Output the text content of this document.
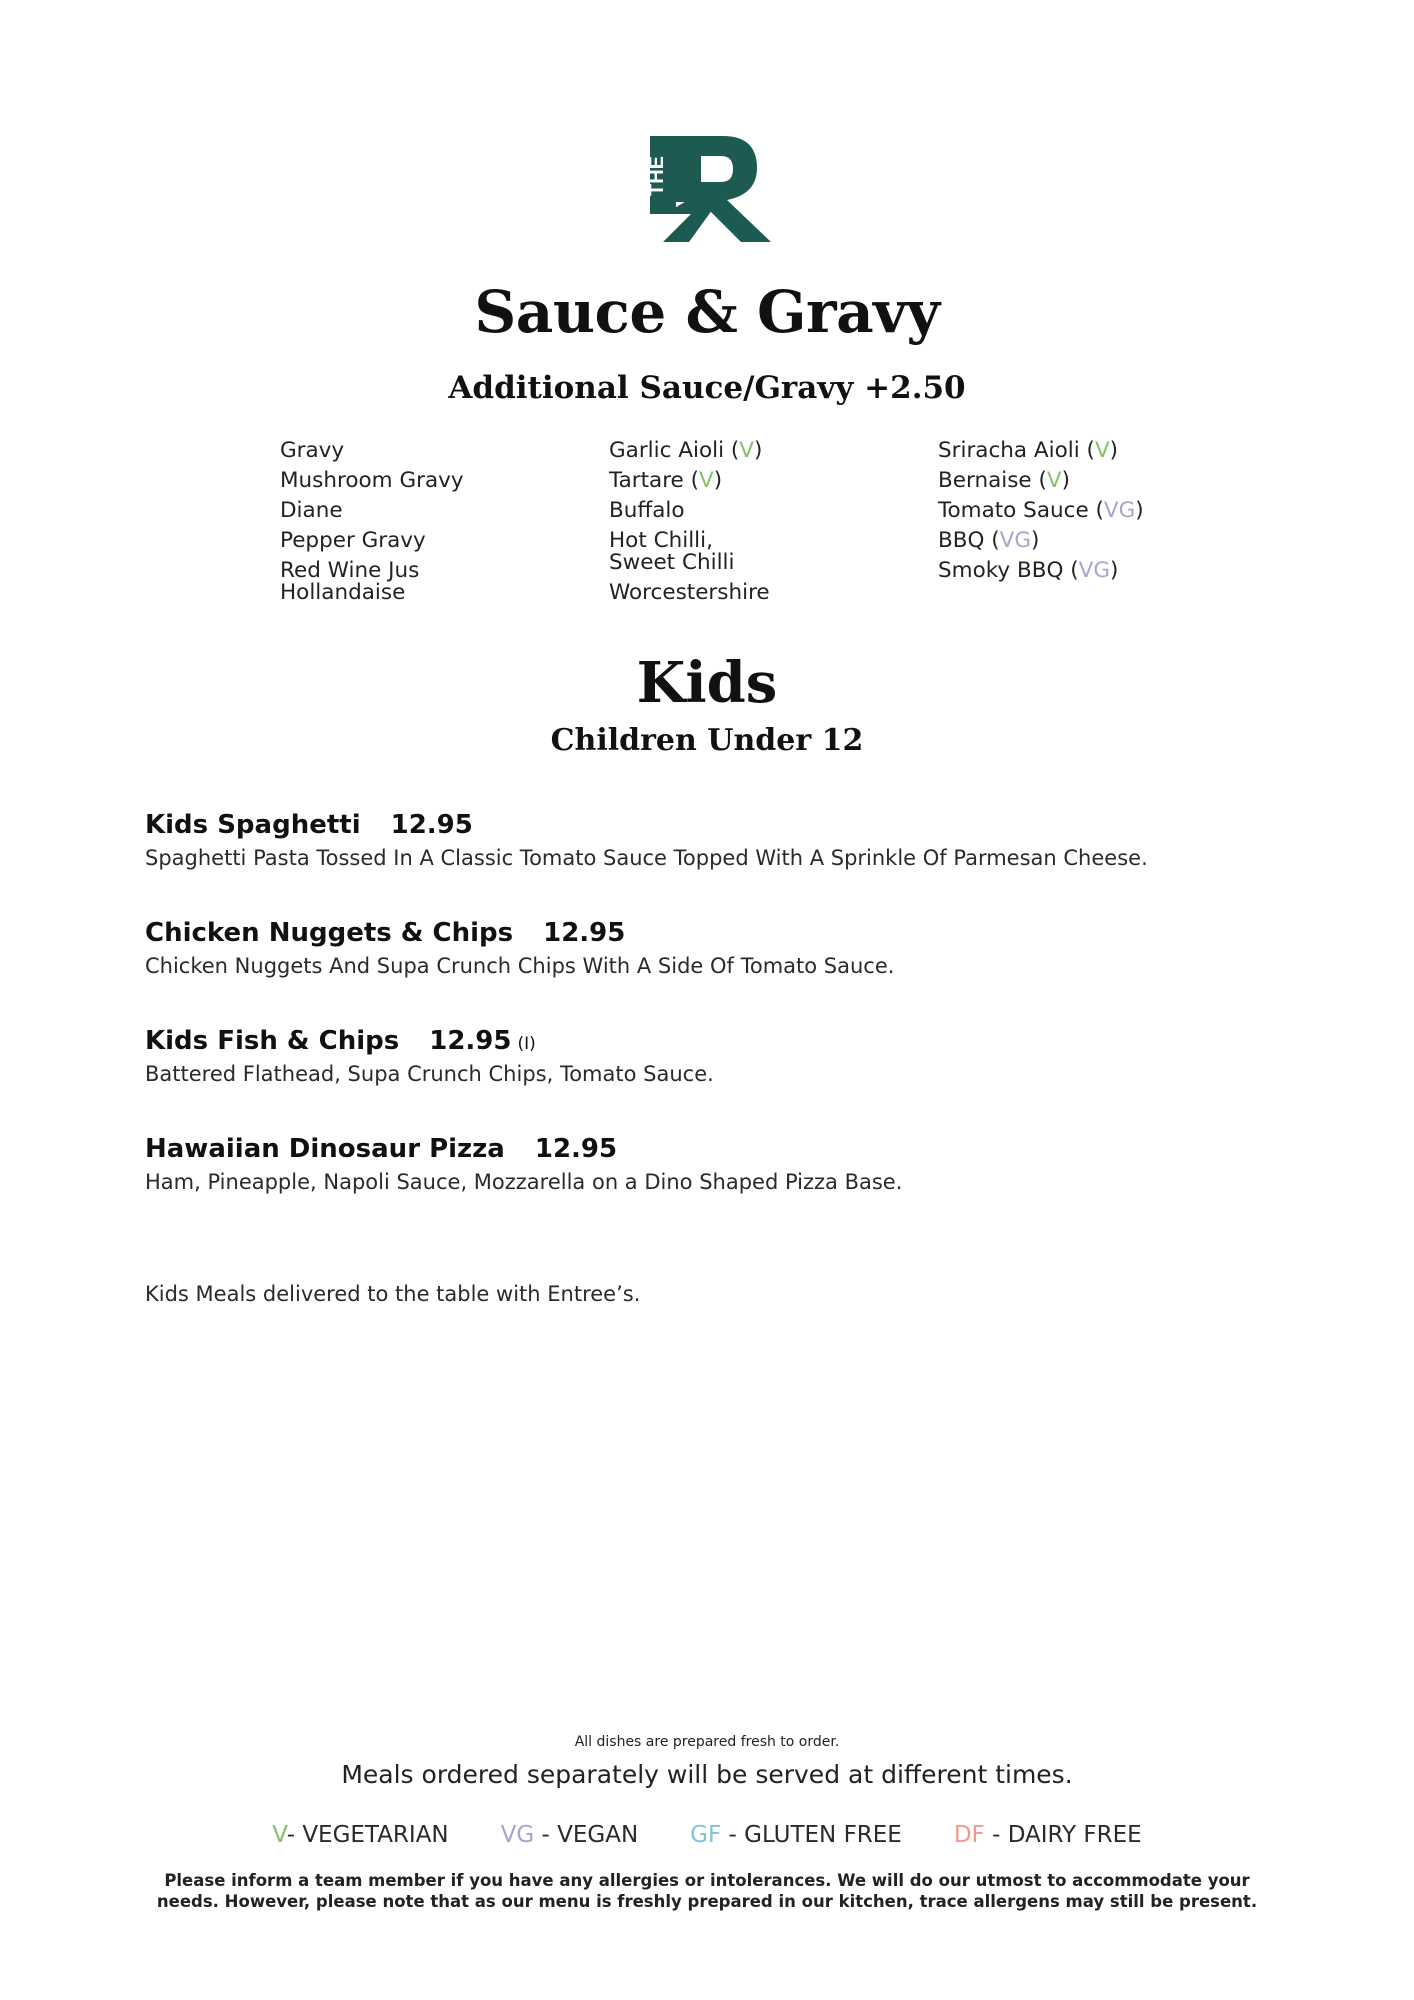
THE
Sauce & Gravy
Additional Sauce/Gravy +2.50
Gravy
Mushroom Gravy
Diane
Pepper Gravy
Red Wine Jus Hollandaise
Garlic Aioli (V)
Tartare (V)
Buffalo
Hot Chilli, Sweet Chilli
Worcestershire
Sriracha Aioli (V)
Bernaise (V)
Tomato Sauce (VG)
BBQ (VG)
Smoky BBQ (VG)
Kids
Children Under 12
Kids Spaghetti 12.95
Spaghetti Pasta Tossed In A Classic Tomato Sauce Topped With A Sprinkle Of Parmesan Cheese.
Chicken Nuggets & Chips 12.95
Chicken Nuggets And Supa Crunch Chips With A Side Of Tomato Sauce.
Kids Fish & Chips 12.95 (I)
Battered Flathead, Supa Crunch Chips, Tomato Sauce.
Hawaiian Dinosaur Pizza 12.95
Ham, Pineapple, Napoli Sauce, Mozzarella on a Dino Shaped Pizza Base.
Kids Meals delivered to the table with Entree’s.
All dishes are prepared fresh to order.
Meals ordered separately will be served at different times.
V- VEGETARIAN VG - VEGAN GF - GLUTEN FREE DF - DAIRY FREE
Please inform a team member if you have any allergies or intolerances. We will do our utmost to accommodate your
needs. However, please note that as our menu is freshly prepared in our kitchen, trace allergens may still be present.
